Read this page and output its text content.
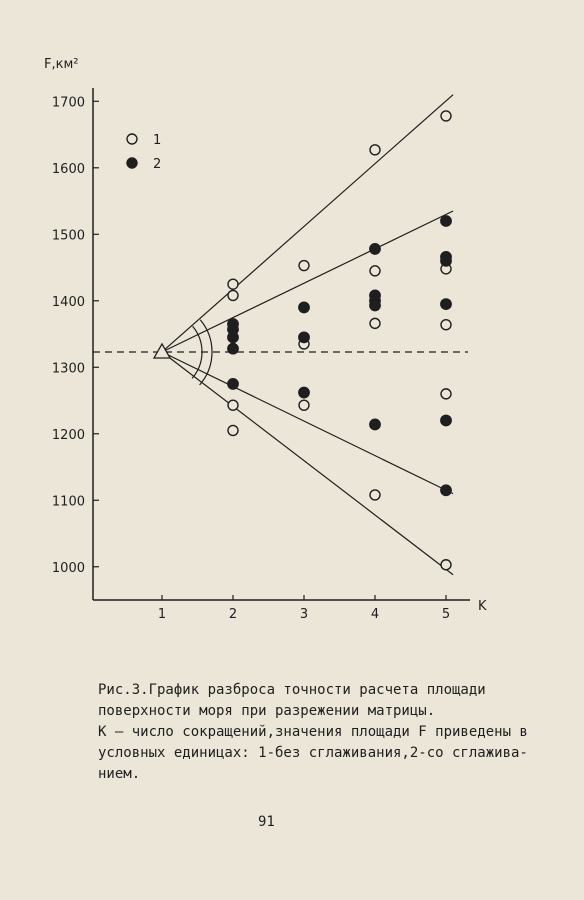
1000
1100
1200
1300
1400
1500
1600
1700
1	2	3	4	5
F,км²
K
1
2
Рис.3.График разброса точности расчета площади
поверхности моря при разрежении матрицы.
К – число сокращений,значения площади F приведены в
условных единицах: 1-без сглаживания,2-со сглажива-
нием.
91
